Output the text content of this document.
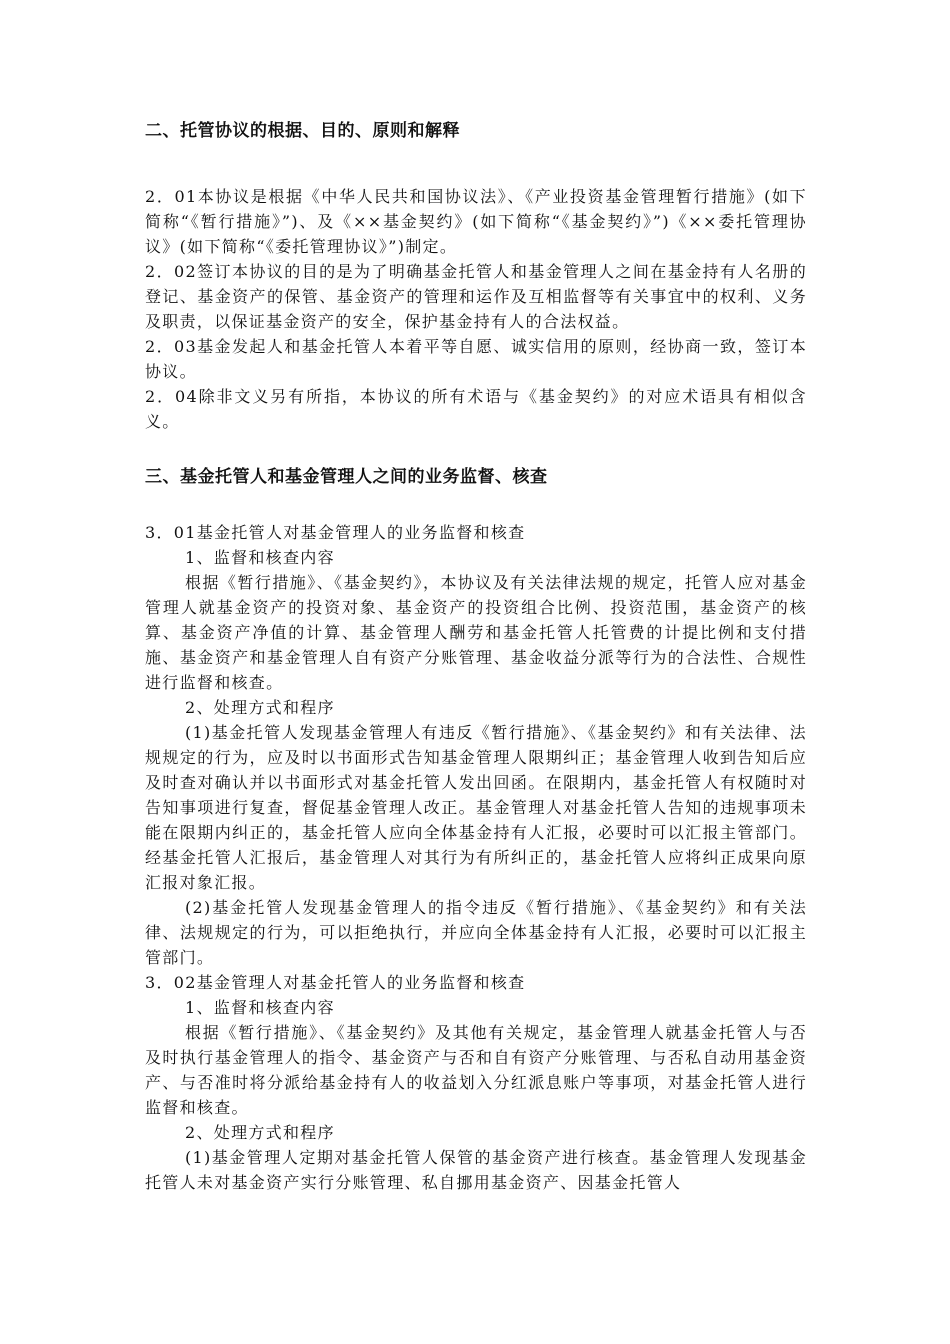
二、托管协议的根据、目的、原则和解释

2．01本协议是根据《中华人民共和国协议法》、《产业投资基金管理暂行措施》(如下简称“《暂行措施》”)、及《××基金契约》(如下简称“《基金契约》”)《××委托管理协议》(如下简称“《委托管理协议》”)制定。

2．02签订本协议的目的是为了明确基金托管人和基金管理人之间在基金持有人名册的登记、基金资产的保管、基金资产的管理和运作及互相监督等有关事宜中的权利、义务及职责，以保证基金资产的安全，保护基金持有人的合法权益。

2．03基金发起人和基金托管人本着平等自愿、诚实信用的原则，经协商一致，签订本协议。

2．04除非文义另有所指，本协议的所有术语与《基金契约》的对应术语具有相似含义。

三、基金托管人和基金管理人之间的业务监督、核查

3．01基金托管人对基金管理人的业务监督和核查

1、监督和核查内容

根据《暂行措施》、《基金契约》，本协议及有关法律法规的规定，托管人应对基金管理人就基金资产的投资对象、基金资产的投资组合比例、投资范围，基金资产的核算、基金资产净值的计算、基金管理人酬劳和基金托管人托管费的计提比例和支付措施、基金资产和基金管理人自有资产分账管理、基金收益分派等行为的合法性、合规性进行监督和核查。

2、处理方式和程序

(1)基金托管人发现基金管理人有违反《暂行措施》、《基金契约》和有关法律、法规规定的行为，应及时以书面形式告知基金管理人限期纠正；基金管理人收到告知后应及时查对确认并以书面形式对基金托管人发出回函。在限期内，基金托管人有权随时对告知事项进行复查，督促基金管理人改正。基金管理人对基金托管人告知的违规事项未能在限期内纠正的，基金托管人应向全体基金持有人汇报，必要时可以汇报主管部门。经基金托管人汇报后，基金管理人对其行为有所纠正的，基金托管人应将纠正成果向原汇报对象汇报。

(2)基金托管人发现基金管理人的指令违反《暂行措施》、《基金契约》和有关法律、法规规定的行为，可以拒绝执行，并应向全体基金持有人汇报，必要时可以汇报主管部门。

3．02基金管理人对基金托管人的业务监督和核查

1、监督和核查内容

根据《暂行措施》、《基金契约》及其他有关规定，基金管理人就基金托管人与否及时执行基金管理人的指令、基金资产与否和自有资产分账管理、与否私自动用基金资产、与否准时将分派给基金持有人的收益划入分红派息账户等事项，对基金托管人进行监督和核查。

2、处理方式和程序

(1)基金管理人定期对基金托管人保管的基金资产进行核查。基金管理人发现基金托管人未对基金资产实行分账管理、私自挪用基金资产、因基金托管人
